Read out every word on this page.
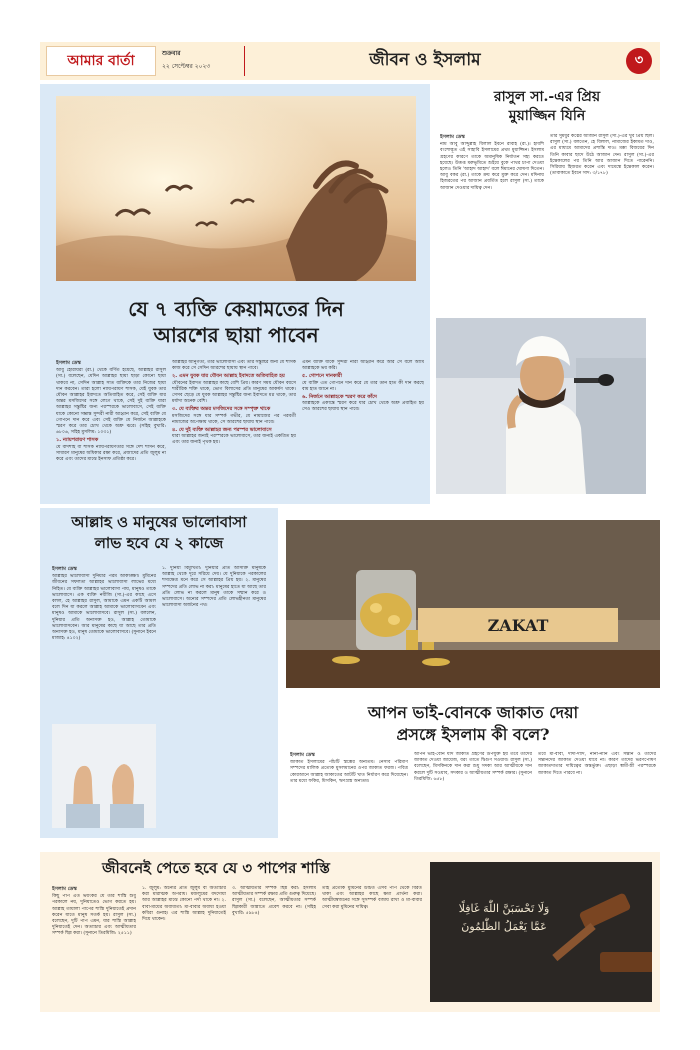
আমার বার্তা	শুক্রবার
২২ সেপ্টেম্বর ২০২৩	জীবন ও ইসলাম	৩
যে ৭ ব্যক্তি কেয়ামতের দিন
আরশের ছায়া পাবেন
ইসলাম ডেস্ক
আবু হোরায়রা (রা.) থেকে বর্ণিত হয়েছে, আল্লাহর রাসুল (সা.) বলেছেন, যেদিন আল্লাহর ছায়া ছাড়া কোনো ছায়া থাকবে না, সেদিন আল্লাহ সাত ব্যক্তিকে তার নিজের ছায়া দান করবেন। তারা হলো ন্যায়পরায়ণ শাসক, যেই যুবক তার যৌবন আল্লাহর ইবাদতে অতিবাহিত করে, সেই ব্যক্তি যার অন্তর মসজিদের সঙ্গে লেগে থাকে, সেই দুই ব্যক্তি যারা আল্লাহর সন্তুষ্টির জন্য পরস্পরকে ভালোবাসে, সেই ব্যক্তি যাকে কোনো সম্ভ্রান্ত সুন্দরী নারী আহ্বান করে, সেই ব্যক্তি যে গোপনে দান করে এবং সেই ব্যক্তি যে নির্জনে আল্লাহকে স্মরণ করে তার চোখ থেকে অশ্রু ঝরে। (সহিহ বুখারি: ৬৮০৬, সহিহ মুসলিম: ১০৩১)
১. ন্যায়পরায়ণ শাসক
যে বাদশাহ বা শাসক ন্যায়পরায়ণতার সঙ্গে দেশ শাসন করে, সাধারণ মানুষের অধিকার রক্ষা করে, প্রজাদের প্রতি জুলুম না করে এবং তাদের মাঝে ইনসাফ প্রতিষ্ঠা করে।
আল্লাহর আনুগত্য, তার ভালোবাসা এবং তার সন্তুষ্টির জন্য যে শাসক কাজ করে সে সেদিন আরশের ছায়ায় স্থান পাবে।
২. এমন যুবক যার যৌবন আল্লাহ ইবাদতে অতিবাহিত হয়
যৌবনের ইবাদত আল্লাহর কাছে বেশি প্রিয়। কারণ সময় যৌবন বয়সে শারীরিক শক্তি থাকে, ভোগ বিলাসের প্রতি মানুষের আকর্ষণ থাকে। সেসব ছেড়ে যে যুবক আল্লাহর সন্তুষ্টির জন্য ইবাদতে মগ্ন থাকে, তার মর্যাদা অনেক বেশি।
৩. যে ব্যক্তির অন্তর মসজিদের সঙ্গে সম্পৃক্ত থাকে
মসজিদের সঙ্গে যার সম্পর্ক গভীর, যে নামাজের পর পরবর্তী নামাজের অপেক্ষায় থাকে, সে আরশের ছায়ায় স্থান পাবে।
৪. যে দুই ব্যক্তি আল্লাহর জন্য পরস্পর ভালোবাসে
যারা আল্লাহর জন্যই পরস্পরকে ভালোবাসে, তার জন্যই একত্রিত হয় এবং তার জন্যই পৃথক হয়।
এমন ব্যক্তি যাকে সুন্দরী নারী আহ্বান করে আর সে বলে আমি আল্লাহকে ভয় করি।
৫. গোপনে দানকারী
যে ব্যক্তি এত গোপনে দান করে যে তার ডান হাত কী দান করছে বাম হাত জানে না।
৬. নির্জনে আল্লাহকে স্মরণ করে কাঁদে
আল্লাহকে একান্তে স্মরণ করে যার চোখ থেকে অশ্রু প্রবাহিত হয় সেও আরশের ছায়ায় স্থান পাবে।
রাসুল সা.-এর প্রিয়
মুয়াজ্জিন যিনি
ইসলাম ডেস্ক
নাম আবু আব্দুল্লাহ বিলাল ইবনে রাবাহ (রা.)। হাবশি বংশোদ্ভূত এই সাহাবি ইসলামের প্রথম মুয়াজ্জিন। ইসলাম গ্রহণের কারণে তাকে অমানুষিক নির্যাতন সহ্য করতে হয়েছে। উত্তপ্ত মরুভূমিতে শুইয়ে বুকে পাথর চাপা দেওয়া হলেও তিনি 'আহাদ আহাদ' বলে ঈমানের ঘোষণা দিতেন। আবু বকর (রা.) তাকে ক্রয় করে মুক্ত করে দেন। মদিনায় হিজরতের পর আজান প্রবর্তিত হলে রাসুল (সা.) তাকে আজান দেওয়ার দায়িত্ব দেন।
তার সুমধুর কণ্ঠের আজান রাসুল (সা.)-এর খুব প্রিয় ছিল। রাসুল (সা.) বলতেন, হে বিলাল, নামাজের ইকামত দাও, এর মাধ্যমে আমাদের প্রশান্তি দাও। মক্কা বিজয়ের দিন তিনি কাবার ছাদে উঠে আজান দেন। রাসুল (সা.)-এর ইন্তেকালের পর তিনি আর আজান দিতে পারেননি। সিরিয়ায় হিজরত করেন এবং দামেস্কে ইন্তেকাল করেন। (তাবাকাতে ইবনে সাদ: ৩/১৭৮)
আল্লাহ ও মানুষের ভালোবাসা
লাভ হবে যে ২ কাজে
ইসলাম ডেস্ক
আল্লাহর ভালোবাসা দুনিয়ার পরম আকাঙ্ক্ষা। মুমিনের জীবনের সফলতা আল্লাহর ভালোবাসা লাভের মধ্যে নিহিত। যে ব্যক্তি আল্লাহর ভালোবাসা পায়, মানুষও তাকে ভালোবাসে। এক ব্যক্তি নবীজি (সা.)-এর কাছে এসে বলল, হে আল্লাহর রাসুল, আমাকে এমন একটি আমল বলে দিন যা করলে আল্লাহ আমাকে ভালোবাসবেন এবং মানুষও আমাকে ভালোবাসবে। রাসুল (সা.) বললেন, দুনিয়ার প্রতি অনাসক্ত হও, আল্লাহ তোমাকে ভালোবাসবেন। আর মানুষের কাছে যা আছে তার প্রতি অনাসক্ত হও, মানুষ তোমাকে ভালোবাসবে। (সুনানে ইবনে মাজাহ: ৪১০২)
১. দুনিয়া বিমুখিতা: দুনিয়ার প্রতি আসক্তি মানুষকে আল্লাহ থেকে দূরে সরিয়ে দেয়। যে দুনিয়াকে পরকালের শস্যক্ষেত্র মনে করে সে আল্লাহর প্রিয় হয়। ২. মানুষের সম্পদের প্রতি লোভ না করা: মানুষের হাতে যা আছে তার প্রতি লোভ না করলে মানুষ তাকে সম্মান করে ও ভালোবাসে। অন্যের সম্পদের প্রতি লোভহীনতা মানুষের ভালোবাসা অর্জনের পথ।
ZAKAT
আপন ভাই-বোনকে জাকাত দেয়া
প্রসঙ্গে ইসলাম কী বলে?
ইসলাম ডেস্ক
জাকাত ইসলামের পাঁচটি স্তম্ভের অন্যতম। নেসাব পরিমাণ সম্পদের মালিক প্রত্যেক মুসলমানের ওপর জাকাত ফরজ। পবিত্র কোরআনে আল্লাহ জাকাতের আটটি খাত নির্ধারণ করে দিয়েছেন। তার মধ্যে ফকির, মিসকিন, ঋণগ্রস্ত অন্যতম।
আপন ভাই-বোন যদি জাকাত গ্রহণের উপযুক্ত হয় তবে তাদের জাকাত দেওয়া জায়েজ, বরং তাতে দ্বিগুণ সওয়াব। রাসুল (সা.) বলেছেন, মিসকিনকে দান করা শুধু সদকা আর আত্মীয়কে দান করলে দুটি সওয়াব, সদকার ও আত্মীয়তার সম্পর্ক রক্ষার। (সুনানে তিরমিজি: ৬৫৮)
তবে মা-বাবা, দাদা-দাদি, নানা-নানি এবং সন্তান ও তাদের সন্তানদের জাকাত দেওয়া যাবে না। কারণ তাদের ভরণপোষণ জাকাতদাতার দায়িত্বের অন্তর্ভুক্ত। এছাড়া স্বামী-স্ত্রী পরস্পরকে জাকাত দিতে পারবে না।
জীবনেই পেতে হবে যে ৩ পাপের শাস্তি
ইসলাম ডেস্ক
কিছু পাপ এত ভয়ংকর যে তার শাস্তি শুধু পরকালে নয়, দুনিয়াতেও ভোগ করতে হয়। আল্লাহ তায়ালা পাপের শাস্তি দুনিয়াতেই প্রদান করেন যাতে মানুষ সতর্ক হয়। রাসুল (সা.) বলেছেন, দুটি পাপ এমন, যার শাস্তি আল্লাহ দুনিয়াতেই দেন। অত্যাচার এবং আত্মীয়তার সম্পর্ক ছিন্ন করা। (সুনানে তিরমিজি: ২৫১১)
১. জুলুম: অন্যের প্রতি জুলুম বা অত্যাচার করা মারাত্মক অপরাধ। মজলুমের বদদোয়া আর আল্লাহর মাঝে কোনো পর্দা থাকে না। ২. বাবা-মায়ের অবাধ্যতা: মা-বাবার অবাধ্য হওয়া কবিরা গুনাহ। এর শাস্তি আল্লাহ দুনিয়াতেই দিয়ে থাকেন।
৩. আত্মীয়তার সম্পর্ক ছিন্ন করা: ইসলাম আত্মীয়তার সম্পর্ক রক্ষার প্রতি গুরুত্ব দিয়েছে। রাসুল (সা.) বলেছেন, আত্মীয়তার সম্পর্ক ছিন্নকারী জান্নাতে প্রবেশ করবে না। (সহিহ বুখারি: ৫৯৮৪)
তাই প্রত্যেক মুমিনের উচিত এসব পাপ থেকে বিরত থাকা এবং আল্লাহর কাছে ক্ষমা প্রার্থনা করা। আত্মীয়স্বজনের সঙ্গে সুসম্পর্ক বজায় রাখা ও মা-বাবার সেবা করা মুমিনের দায়িত্ব।	وَلَا تَحْسَبَنَّ اللّٰهَ غَافِلًا
عَمَّا يَعْمَلُ الظّٰلِمُونَ
